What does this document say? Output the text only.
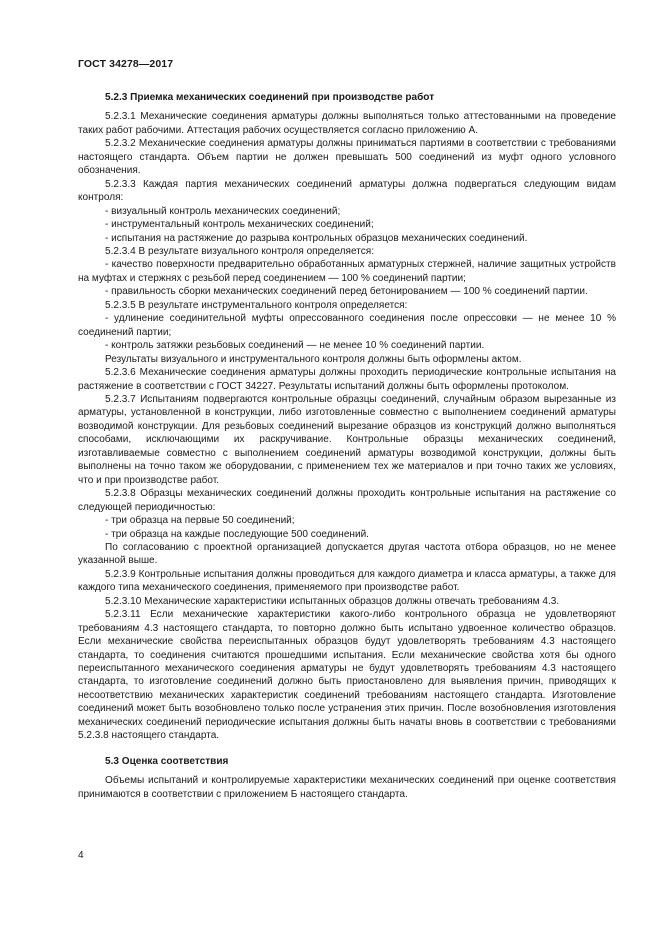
ГОСТ 34278—2017

5.2.3 Приемка механических соединений при производстве работ

5.2.3.1 Механические соединения арматуры должны выполняться только аттестованными на проведение таких работ рабочими. Аттестация рабочих осуществляется согласно приложению А.

5.2.3.2 Механические соединения арматуры должны приниматься партиями в соответствии с требованиями настоящего стандарта. Объем партии не должен превышать 500 соединений из муфт одного условного обозначения.

5.2.3.3 Каждая партия механических соединений арматуры должна подвергаться следующим видам контроля:

- визуальный контроль механических соединений;

- инструментальный контроль механических соединений;

- испытания на растяжение до разрыва контрольных образцов механических соединений.

5.2.3.4 В результате визуального контроля определяется:

- качество поверхности предварительно обработанных арматурных стержней, наличие защитных устройств на муфтах и стержнях с резьбой перед соединением — 100 % соединений партии;

- правильность сборки механических соединений перед бетонированием — 100 % соединений партии.

5.2.3.5 В результате инструментального контроля определяется:

- удлинение соединительной муфты опрессованного соединения после опрессовки — не менее 10 % соединений партии;

- контроль затяжки резьбовых соединений — не менее 10 % соединений партии.

Результаты визуального и инструментального контроля должны быть оформлены актом.

5.2.3.6 Механические соединения арматуры должны проходить периодические контрольные испытания на растяжение в соответствии с ГОСТ 34227. Результаты испытаний должны быть оформлены протоколом.

5.2.3.7 Испытаниям подвергаются контрольные образцы соединений, случайным образом вырезанные из арматуры, установленной в конструкции, либо изготовленные совместно с выполнением соединений арматуры возводимой конструкции. Для резьбовых соединений вырезание образцов из конструкций должно выполняться способами, исключающими их раскручивание. Контрольные образцы механических соединений, изготавливаемые совместно с выполнением соединений арматуры возводимой конструкции, должны быть выполнены на точно таком же оборудовании, с применением тех же материалов и при точно таких же условиях, что и при производстве работ.

5.2.3.8 Образцы механических соединений должны проходить контрольные испытания на растяжение со следующей периодичностью:

- три образца на первые 50 соединений;

- три образца на каждые последующие 500 соединений.

По согласованию с проектной организацией допускается другая частота отбора образцов, но не менее указанной выше.

5.2.3.9 Контрольные испытания должны проводиться для каждого диаметра и класса арматуры, а также для каждого типа механического соединения, применяемого при производстве работ.

5.2.3.10 Механические характеристики испытанных образцов должны отвечать требованиям 4.3.

5.2.3.11 Если механические характеристики какого-либо контрольного образца не удовлетворяют требованиям 4.3 настоящего стандарта, то повторно должно быть испытано удвоенное количество образцов. Если механические свойства переиспытанных образцов будут удовлетворять требованиям 4.3 настоящего стандарта, то соединения считаются прошедшими испытания. Если механические свойства хотя бы одного переиспытанного механического соединения арматуры не будут удовлетворять требованиям 4.3 настоящего стандарта, то изготовление соединений должно быть приостановлено для выявления причин, приводящих к несоответствию механических характеристик соединений требованиям настоящего стандарта. Изготовление соединений может быть возобновлено только после устранения этих причин. После возобновления изготовления механических соединений периодические испытания должны быть начаты вновь в соответствии с требованиями 5.2.3.8 настоящего стандарта.

5.3 Оценка соответствия

Объемы испытаний и контролируемые характеристики механических соединений при оценке соответствия принимаются в соответствии с приложением Б настоящего стандарта.

4
